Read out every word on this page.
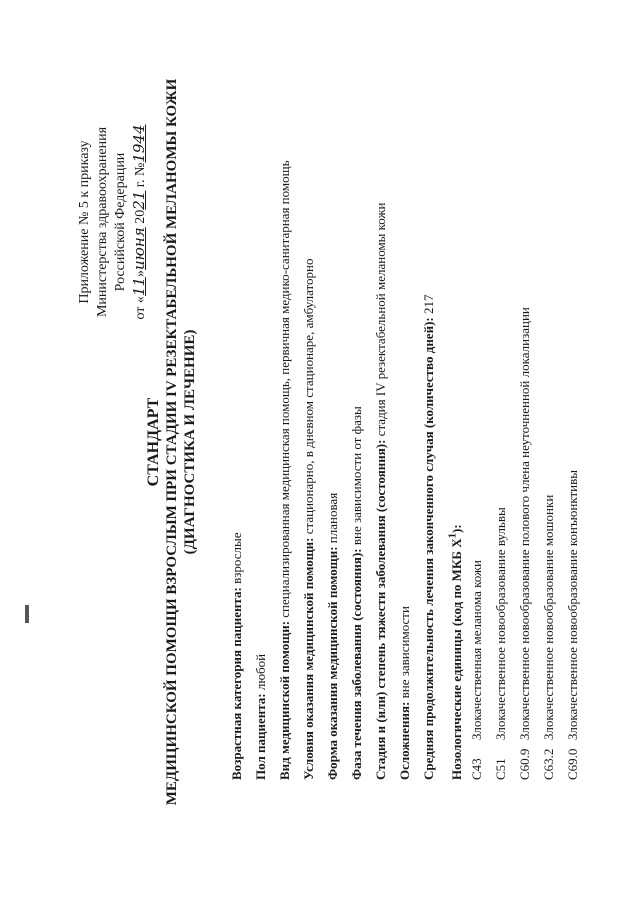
Приложение № 5 к приказу Министерства здравоохранения Российской Федерации
от «11»июня 2021 г. №1944
СТАНДАРТ МЕДИЦИНСКОЙ ПОМОЩИ ВЗРОСЛЫМ ПРИ СТАДИИ IV РЕЗЕКТАБЕЛЬНОЙ МЕЛАНОМЫ КОЖИ (ДИАГНОСТИКА И ЛЕЧЕНИЕ)
Возрастная категория пациента: взрослые
Пол пациента: любой Вид медицинской помощи: специализированная медицинская помощь, первичная медико-санитарная помощь
Условия оказания медицинской помощи: стационарно, в дневном стационаре, амбулаторно
Форма оказания медицинской помощи: плановая
Фаза течения заболевания (состояния): вне зависимости от фазы Стадия и (или) степень тяжести заболевания (состояния): стадия IV резектабельной меланомы кожи
Осложнения: вне зависимости Средняя продолжительность лечения законченного случая (количество дней): 217
Нозологические единицы (код по МКБ $X^1$):
C43Злокачественная меланома кожи
C51Злокачественное новообразование вульвы
C60.9Злокачественное новообразование полового члена неуточненной локализации
C63.2Злокачественное новообразование мошонки
C69.0Злокачественное новообразование конъюнктивы
